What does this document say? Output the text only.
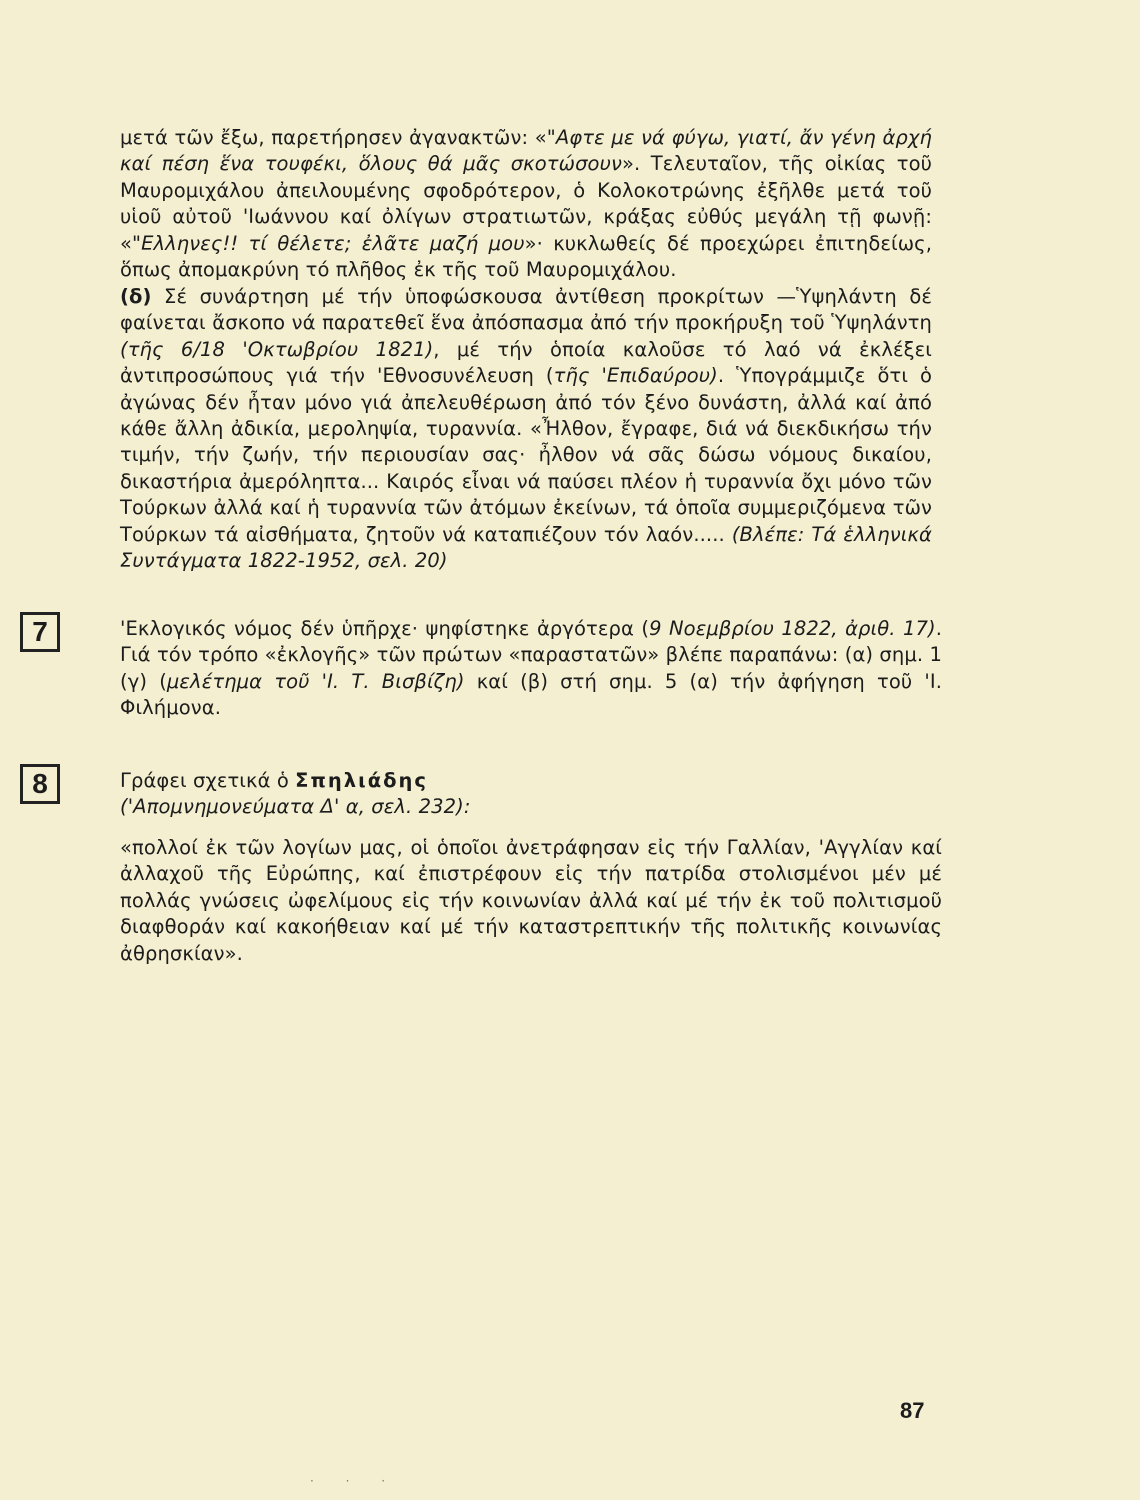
μετά τῶν ἔξω, παρετήρησεν ἀγανακτῶν: «"Αφτε με νά φύγω, γιατί, ἄν γένη ἀρχή καί πέση ἕνα τουφέκι, ὅλους θά μᾶς σκοτώσουν». Τελευταῖον, τῆς οἰκίας τοῦ Μαυρομιχάλου ἀπειλουμένης σφοδρότερον, ὁ Κολοκοτρώνης ἐξῆλθε μετά τοῦ υἱοῦ αὐτοῦ 'Ιωάννου καί ὀλίγων στρατιωτῶν, κράξας εὐθύς μεγάλη τῇ φωνῇ: «"Ελληνες!! τί θέλετε; ἐλᾶτε μαζή μου»· κυκλωθείς δέ προεχώρει ἐπιτηδείως, ὅπως ἀπομακρύνη τό πλῆθος ἐκ τῆς τοῦ Μαυρομιχάλου.
(δ) Σέ συνάρτηση μέ τήν ὑποφώσκουσα ἀντίθεση προκρίτων —Ὑψηλάντη δέ φαίνεται ἄσκοπο νά παρατεθεῖ ἕνα ἀπόσπασμα ἀπό τήν προκήρυξη τοῦ Ὑψηλάντη (τῆς 6/18 'Οκτωβρίου 1821), μέ τήν ὁποία καλοῦσε τό λαό νά ἐκλέξει ἀντιπροσώπους γιά τήν 'Εθνοσυνέλευση (τῆς 'Επιδαύρου). Ὑπογράμμιζε ὅτι ὁ ἀγώνας δέν ἦταν μόνο γιά ἀπελευθέρωση ἀπό τόν ξένο δυνάστη, ἀλλά καί ἀπό κάθε ἄλλη ἀδικία, μεροληψία, τυραννία. «Ἦλθον, ἔγραφε, διά νά διεκδικήσω τήν τιμήν, τήν ζωήν, τήν περιουσίαν σας· ἦλθον νά σᾶς δώσω νόμους δικαίου, δικαστήρια ἀμερόληπτα... Καιρός εἶναι νά παύσει πλέον ἡ τυραννία ὄχι μόνο τῶν Τούρκων ἀλλά καί ἡ τυραννία τῶν ἀτόμων ἐκείνων, τά ὁποῖα συμμεριζόμενα τῶν Τούρκων τά αἰσθήματα, ζητοῦν νά καταπιέζουν τόν λαόν..... (Βλέπε: Τά ἑλληνικά Συντάγματα 1822-1952, σελ. 20)
7	'Εκλογικός νόμος δέν ὑπῆρχε· ψηφίστηκε ἀργότερα (9 Νοεμβρίου 1822, ἀριθ. 17). Γιά τόν τρόπο «ἐκλογῆς» τῶν πρώτων «παραστατῶν» βλέπε παραπάνω: (α) σημ. 1 (γ) (μελέτημα τοῦ 'Ι. Τ. Βισβίζη) καί (β) στή σημ. 5 (α) τήν ἀφήγηση τοῦ 'Ι. Φιλήμονα.
8	Γράφει σχετικά ὁ Σπηλιάδης
('Απομνημονεύματα Δ' α, σελ. 232):
«πολλοί ἐκ τῶν λογίων μας, οἱ ὁποῖοι ἀνετράφησαν εἰς τήν Γαλλίαν, 'Αγγλίαν καί ἀλλαχοῦ τῆς Εὐρώπης, καί ἐπιστρέφουν εἰς τήν πατρίδα στολισμένοι μέν μέ πολλάς γνώσεις ὠφελίμους εἰς τήν κοινωνίαν ἀλλά καί μέ τήν ἐκ τοῦ πολιτισμοῦ διαφθοράν καί κακοήθειαν καί μέ τήν καταστρεπτικήν τῆς πολιτικῆς κοινωνίας ἀθρησκίαν».
87
· · ·
